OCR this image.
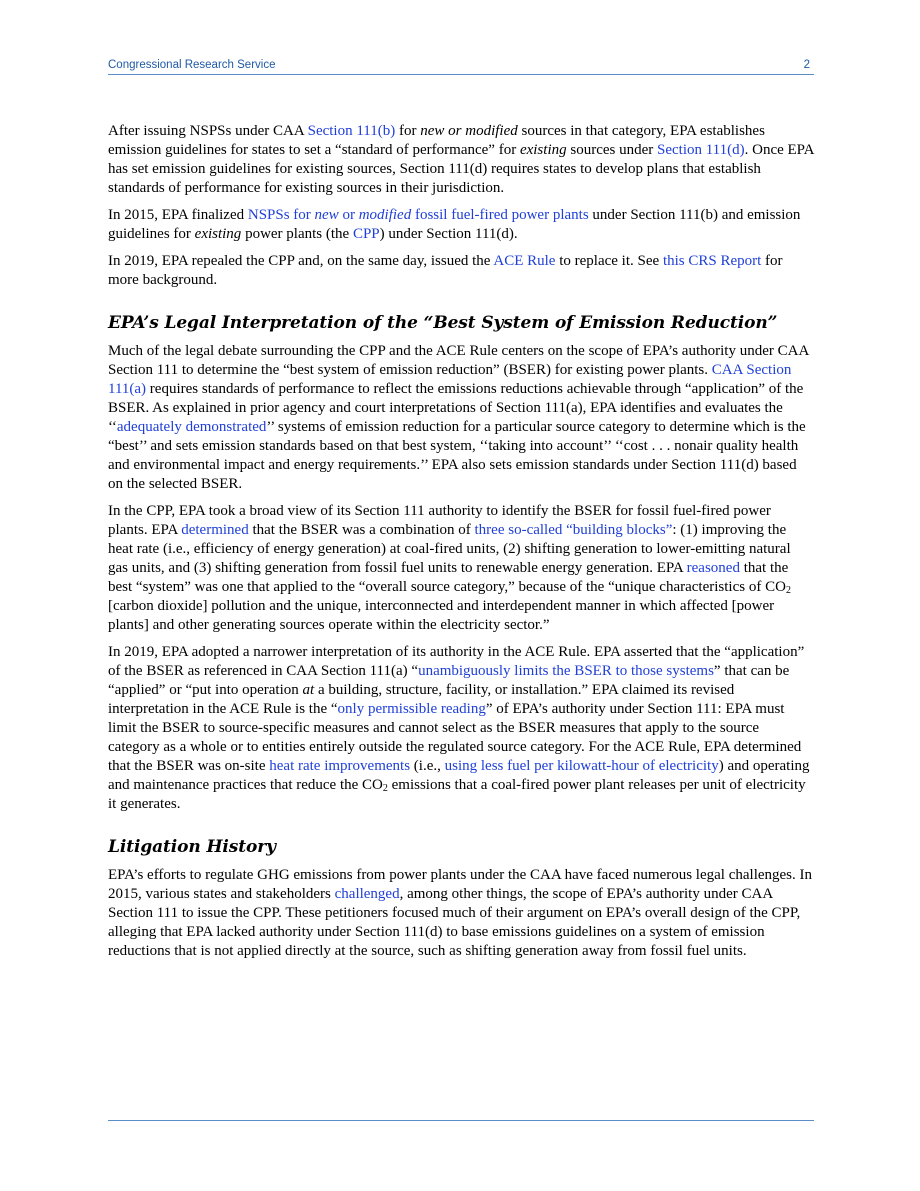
Congressional Research Service	2

After issuing NSPSs under CAA Section 111(b) for new or modified sources in that category, EPA establishes emission guidelines for states to set a “standard of performance” for existing sources under Section 111(d). Once EPA has set emission guidelines for existing sources, Section 111(d) requires states to develop plans that establish standards of performance for existing sources in their jurisdiction.

In 2015, EPA finalized NSPSs for new or modified fossil fuel-fired power plants under Section 111(b) and emission guidelines for existing power plants (the CPP) under Section 111(d).

In 2019, EPA repealed the CPP and, on the same day, issued the ACE Rule to replace it. See this CRS Report for more background.

EPA’s Legal Interpretation of the “Best System of Emission Reduction”

Much of the legal debate surrounding the CPP and the ACE Rule centers on the scope of EPA’s authority under CAA Section 111 to determine the “best system of emission reduction” (BSER) for existing power plants. CAA Section 111(a) requires standards of performance to reflect the emissions reductions achievable through “application” of the BSER. As explained in prior agency and court interpretations of Section 111(a), EPA identifies and evaluates the ‘‘adequately demonstrated’’ systems of emission reduction for a particular source category to determine which is the “best’’ and sets emission standards based on that best system, ‘‘taking into account’’ ‘‘cost . . . nonair quality health and environmental impact and energy requirements.’’ EPA also sets emission standards under Section 111(d) based on the selected BSER.

In the CPP, EPA took a broad view of its Section 111 authority to identify the BSER for fossil fuel-fired power plants. EPA determined that the BSER was a combination of three so-called “building blocks”: (1) improving the heat rate (i.e., efficiency of energy generation) at coal-fired units, (2) shifting generation to lower-emitting natural gas units, and (3) shifting generation from fossil fuel units to renewable energy generation. EPA reasoned that the best “system” was one that applied to the “overall source category,” because of the “unique characteristics of $CO_2$ [carbon dioxide] pollution and the unique, interconnected and interdependent manner in which affected [power plants] and other generating sources operate within the electricity sector.”

In 2019, EPA adopted a narrower interpretation of its authority in the ACE Rule. EPA asserted that the “application” of the BSER as referenced in CAA Section 111(a) “unambiguously limits the BSER to those systems” that can be “applied” or “put into operation at a building, structure, facility, or installation.” EPA claimed its revised interpretation in the ACE Rule is the “only permissible reading” of EPA’s authority under Section 111: EPA must limit the BSER to source-specific measures and cannot select as the BSER measures that apply to the source category as a whole or to entities entirely outside the regulated source category. For the ACE Rule, EPA determined that the BSER was on-site heat rate improvements (i.e., using less fuel per kilowatt-hour of electricity) and operating and maintenance practices that reduce the $CO_2$ emissions that a coal-fired power plant releases per unit of electricity it generates.

Litigation History

EPA’s efforts to regulate GHG emissions from power plants under the CAA have faced numerous legal challenges. In 2015, various states and stakeholders challenged, among other things, the scope of EPA’s authority under CAA Section 111 to issue the CPP. These petitioners focused much of their argument on EPA’s overall design of the CPP, alleging that EPA lacked authority under Section 111(d) to base emissions guidelines on a system of emission reductions that is not applied directly at the source, such as shifting generation away from fossil fuel units.
